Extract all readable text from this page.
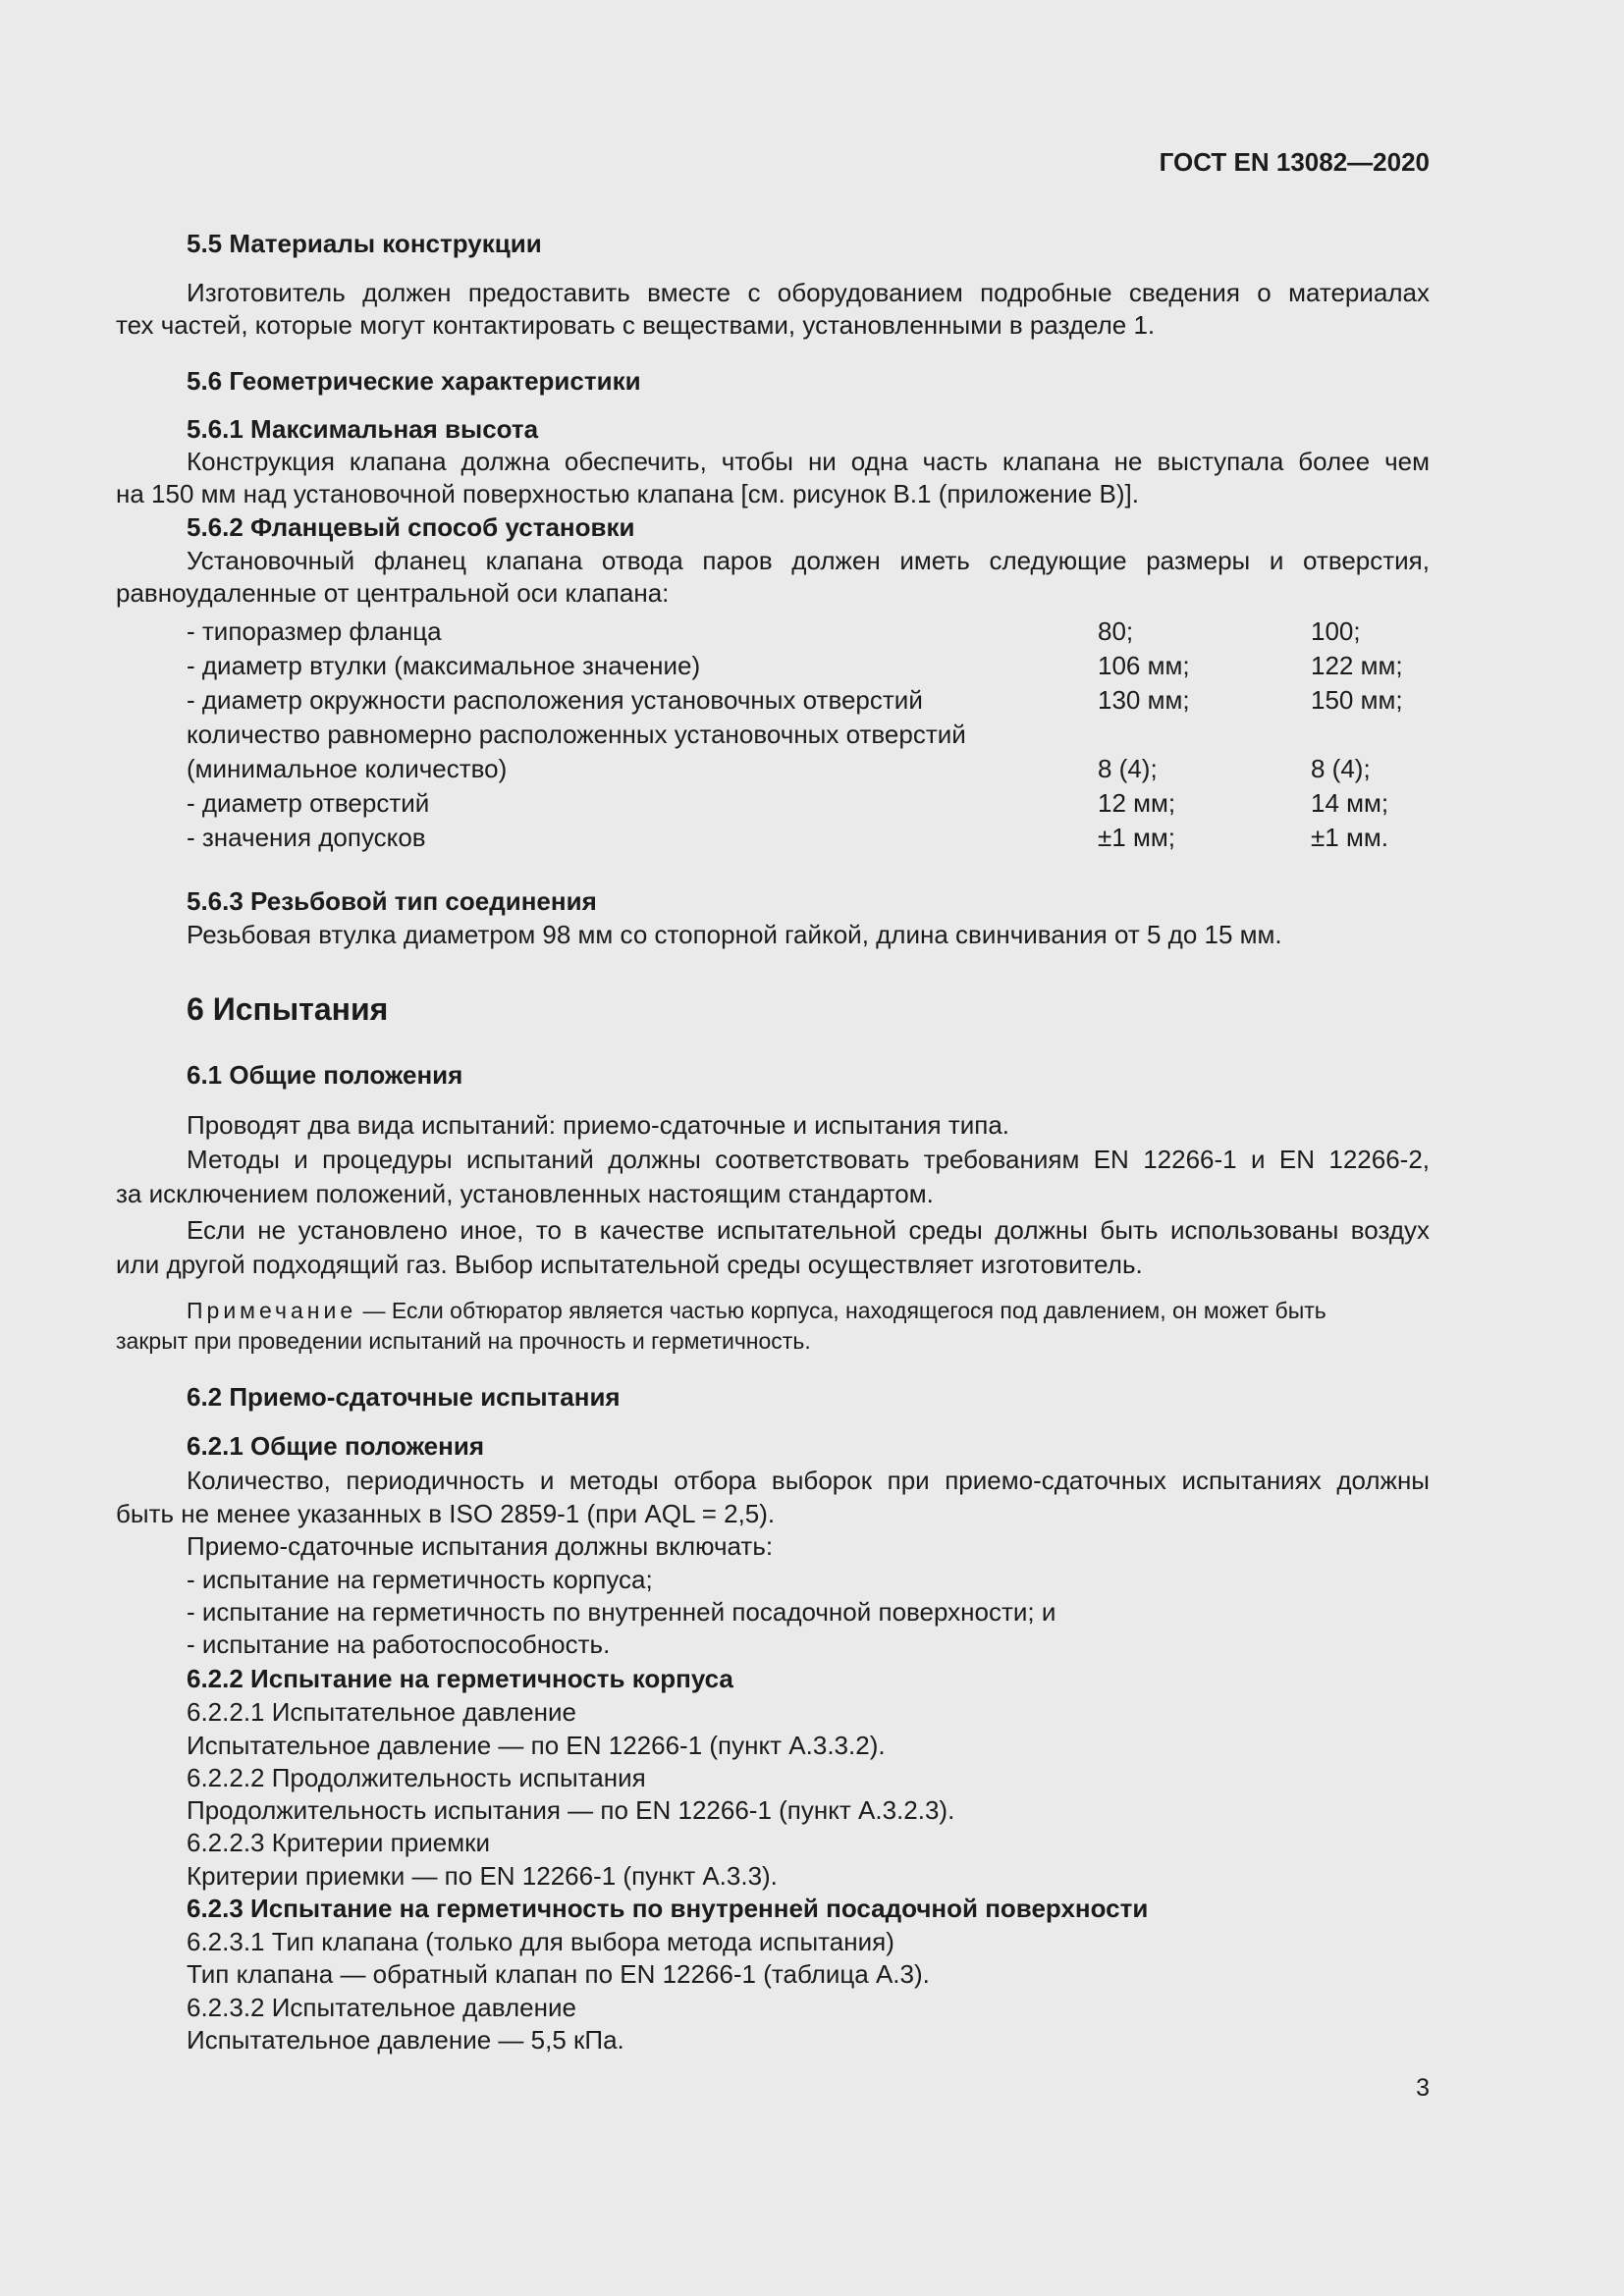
ГОСТ EN 13082—2020
5.5 Материалы конструкции
Изготовитель должен предоставить вместе с оборудованием подробные сведения о материалах
тех частей, которые могут контактировать с веществами, установленными в разделе 1.
5.6 Геометрические характеристики
5.6.1 Максимальная высота
Конструкция клапана должна обеспечить, чтобы ни одна часть клапана не выступала более чем
на 150 мм над установочной поверхностью клапана [см. рисунок В.1 (приложение В)].
5.6.2 Фланцевый способ установки
Установочный фланец клапана отвода паров должен иметь следующие размеры и отверстия,
равноудаленные от центральной оси клапана:
- типоразмер фланца	80;	100;
- диаметр втулки (максимальное значение)	106 мм;	122 мм;
- диаметр окружности расположения установочных отверстий	130 мм;	150 мм;
количество равномерно расположенных установочных отверстий
(минимальное количество)	8 (4);	8 (4);
- диаметр отверстий	12 мм;	14 мм;
- значения допусков	±1 мм;	±1 мм.
5.6.3 Резьбовой тип соединения
Резьбовая втулка диаметром 98 мм со стопорной гайкой, длина свинчивания от 5 до 15 мм.
6 Испытания
6.1 Общие положения
Проводят два вида испытаний: приемо-сдаточные и испытания типа.
Методы и процедуры испытаний должны соответствовать требованиям EN 12266-1 и EN 12266-2,
за исключением положений, установленных настоящим стандартом.
Если не установлено иное, то в качестве испытательной среды должны быть использованы воздух
или другой подходящий газ. Выбор испытательной среды осуществляет изготовитель.
Примечание — Если обтюратор является частью корпуса, находящегося под давлением, он может быть
закрыт при проведении испытаний на прочность и герметичность.
6.2 Приемо-сдаточные испытания
6.2.1 Общие положения
Количество, периодичность и методы отбора выборок при приемо-сдаточных испытаниях должны
быть не менее указанных в ISO 2859-1 (при AQL = 2,5).
Приемо-сдаточные испытания должны включать:
- испытание на герметичность корпуса;
- испытание на герметичность по внутренней посадочной поверхности; и
- испытание на работоспособность.
6.2.2 Испытание на герметичность корпуса
6.2.2.1 Испытательное давление
Испытательное давление — по EN 12266-1 (пункт А.3.3.2).
6.2.2.2 Продолжительность испытания
Продолжительность испытания — по EN 12266-1 (пункт А.3.2.3).
6.2.2.3 Критерии приемки
Критерии приемки — по EN 12266-1 (пункт А.3.3).
6.2.3 Испытание на герметичность по внутренней посадочной поверхности
6.2.3.1 Тип клапана (только для выбора метода испытания)
Тип клапана — обратный клапан по EN 12266-1 (таблица А.3).
6.2.3.2 Испытательное давление
Испытательное давление — 5,5 кПа.
3
